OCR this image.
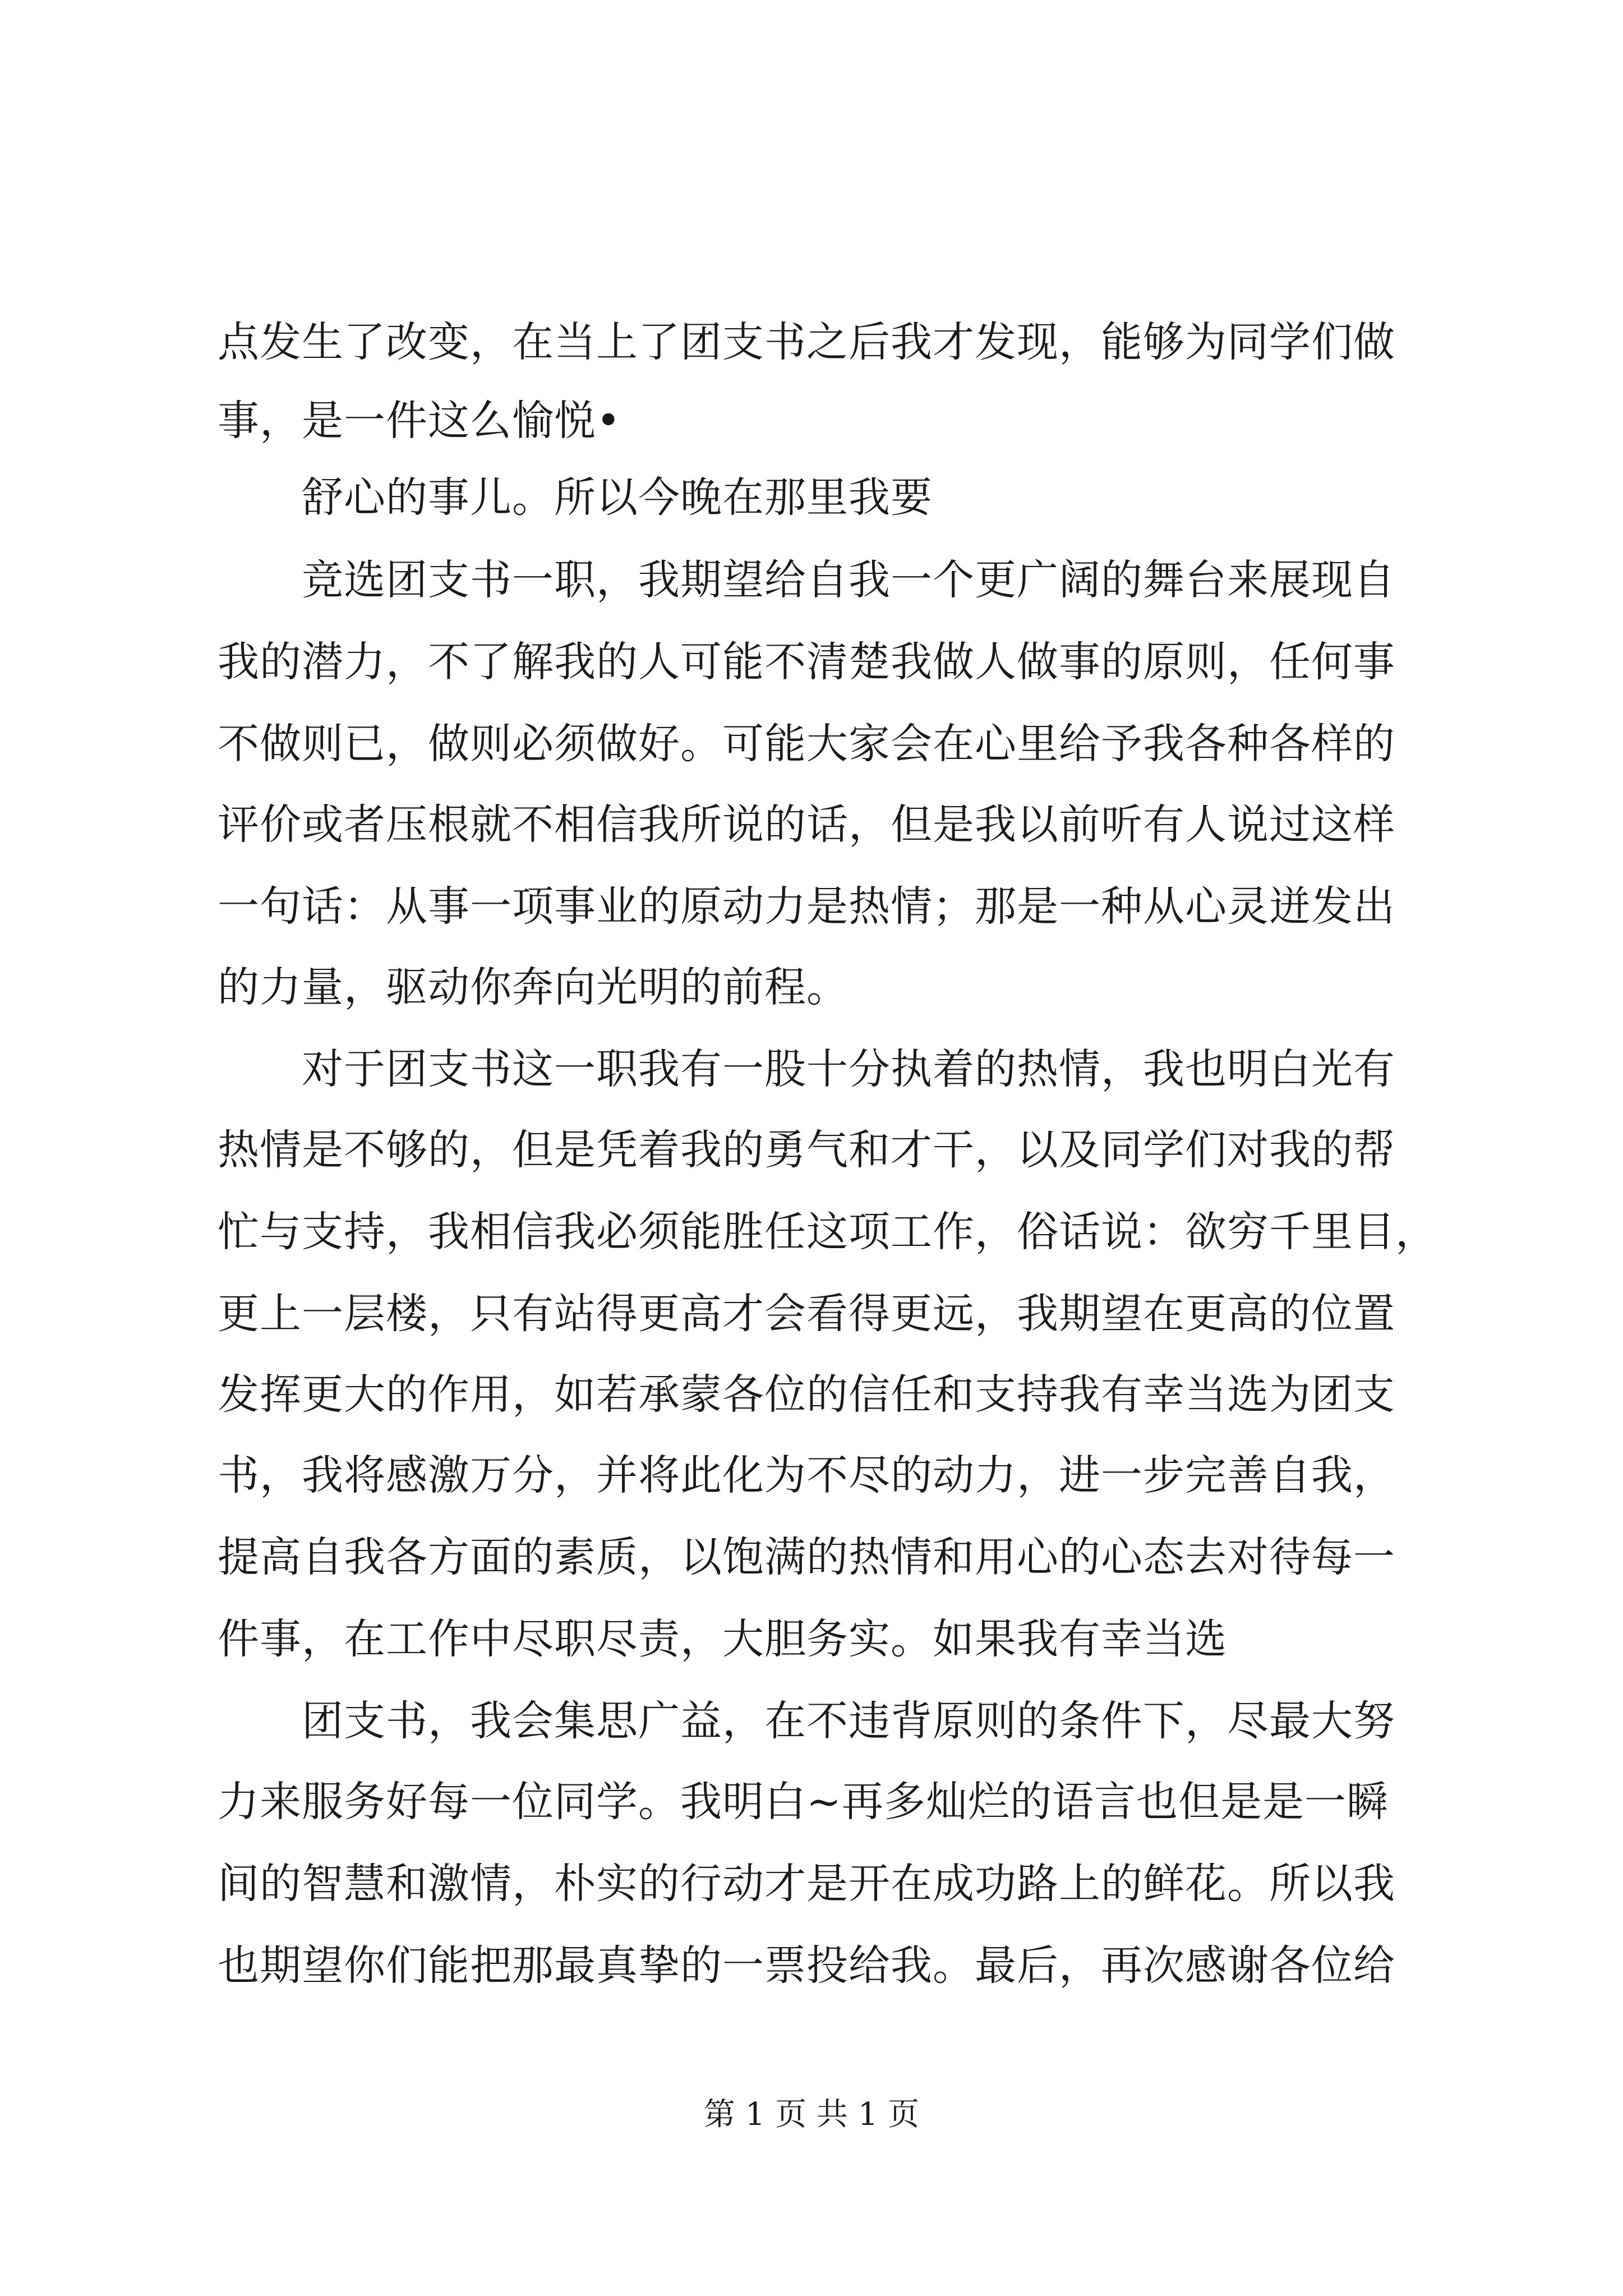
点发生了改变，在当上了团支书之后我才发现，能够为同学们做
事，是一件这么愉悦•
舒心的事儿。所以今晚在那里我要
竞选团支书一职，我期望给自我一个更广阔的舞台来展现自
我的潜力，不了解我的人可能不清楚我做人做事的原则，任何事
不做则已，做则必须做好。可能大家会在心里给予我各种各样的
评价或者压根就不相信我所说的话，但是我以前听有人说过这样
一句话：从事一项事业的原动力是热情；那是一种从心灵迸发出
的力量，驱动你奔向光明的前程。
对于团支书这一职我有一股十分执着的热情，我也明白光有
热情是不够的，但是凭着我的勇气和才干，以及同学们对我的帮
忙与支持，我相信我必须能胜任这项工作，俗话说：欲穷千里目，
更上一层楼，只有站得更高才会看得更远，我期望在更高的位置
发挥更大的作用，如若承蒙各位的信任和支持我有幸当选为团支
书，我将感激万分，并将此化为不尽的动力，进一步完善自我，
提高自我各方面的素质，以饱满的热情和用心的心态去对待每一
件事，在工作中尽职尽责，大胆务实。如果我有幸当选
团支书，我会集思广益，在不违背原则的条件下，尽最大努
力来服务好每一位同学。我明白~再多灿烂的语言也但是是一瞬
间的智慧和激情，朴实的行动才是开在成功路上的鲜花。所以我
也期望你们能把那最真挚的一票投给我。最后，再次感谢各位给
第 1 页 共 1 页
